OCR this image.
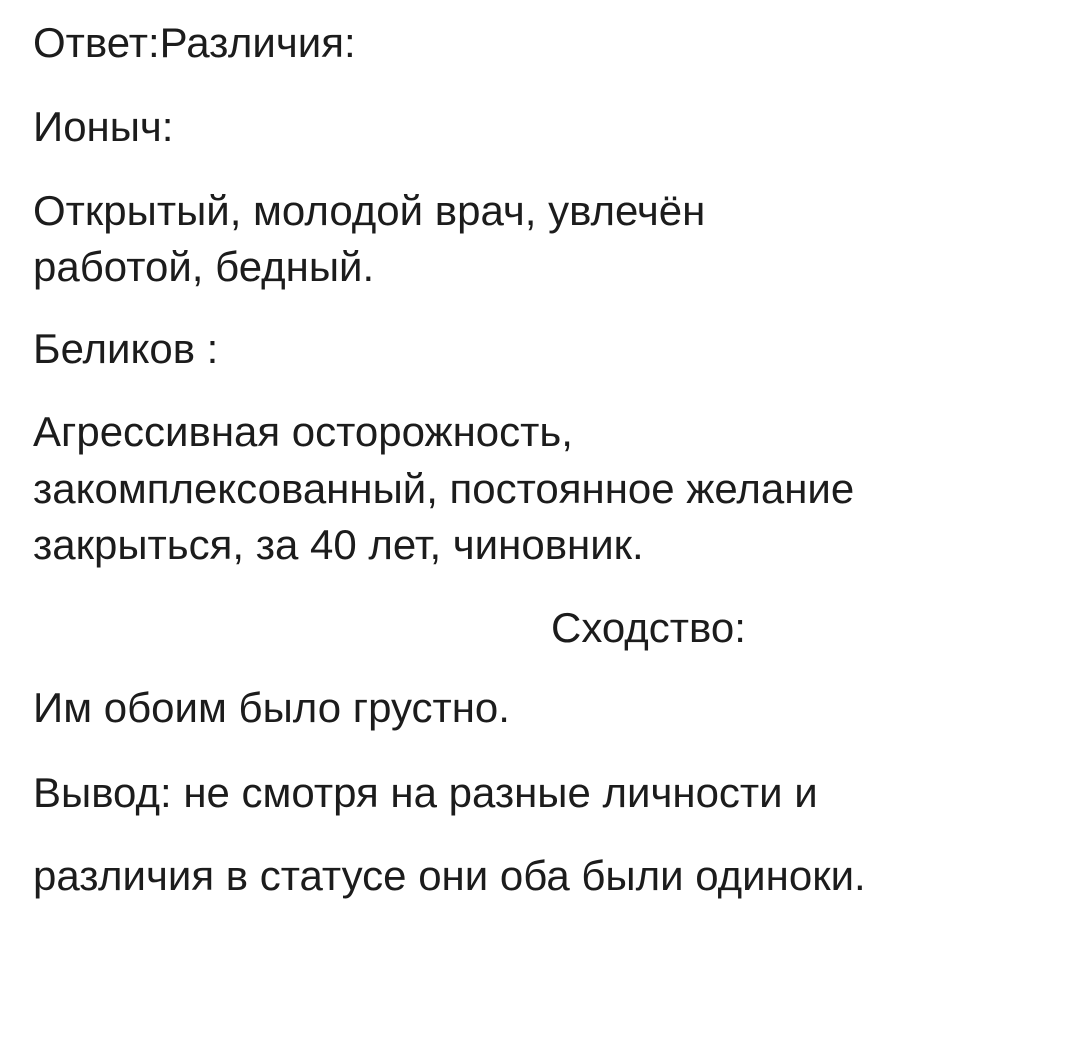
Ответ:Различия:

Ионыч:

Открытый, молодой врач, увлечён

работой, бедный.

Беликов :

Агрессивная осторожность,

закомплексованный, постоянное желание

закрыться, за 40 лет, чиновник.

Сходство:

Им обоим было грустно.

Вывод: не смотря на разные личности и

различия в статусе они оба были одиноки.
